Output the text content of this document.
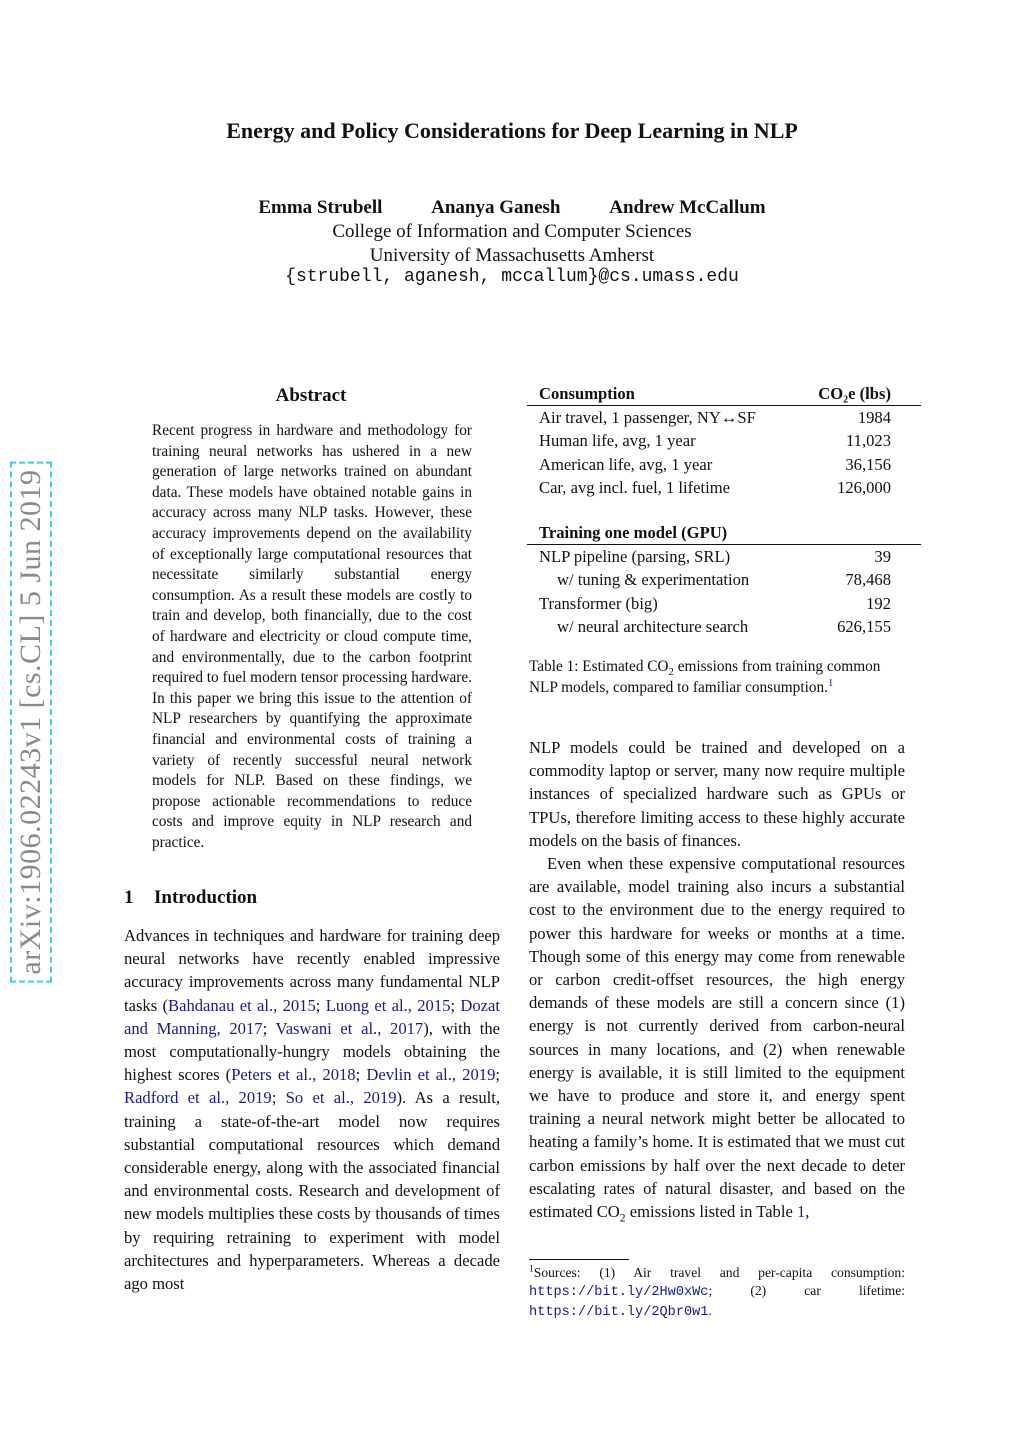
Energy and Policy Considerations for Deep Learning in NLP
Emma Strubell	Ananya Ganesh	Andrew McCallum
College of Information and Computer Sciences
University of Massachusetts Amherst
{strubell, aganesh, mccallum}@cs.umass.edu
arXiv:1906.02243v1 [cs.CL] 5 Jun 2019
Abstract
Recent progress in hardware and methodology for training neural networks has ushered in a new generation of large networks trained on abundant data. These models have obtained notable gains in accuracy across many NLP tasks. However, these accuracy improvements depend on the availability of exceptionally large computational resources that necessitate similarly substantial energy consumption. As a result these models are costly to train and develop, both financially, due to the cost of hardware and electricity or cloud compute time, and environmentally, due to the carbon footprint required to fuel modern tensor processing hardware. In this paper we bring this issue to the attention of NLP researchers by quantifying the approximate financial and environmental costs of training a variety of recently successful neural network models for NLP. Based on these findings, we propose actionable recommendations to reduce costs and improve equity in NLP research and practice.
1 Introduction
Advances in techniques and hardware for training deep neural networks have recently enabled impressive accuracy improvements across many fundamental NLP tasks (Bahdanau et al., 2015; Luong et al., 2015; Dozat and Manning, 2017; Vaswani et al., 2017), with the most computationally-hungry models obtaining the highest scores (Peters et al., 2018; Devlin et al., 2019; Radford et al., 2019; So et al., 2019). As a result, training a state-of-the-art model now requires substantial computational resources which demand considerable energy, along with the associated financial and environmental costs. Research and development of new models multiplies these costs by thousands of times by requiring retraining to experiment with model architectures and hyperparameters. Whereas a decade ago most
Consumption	CO₂e (lbs)
Air travel, 1 passenger, NY↔SF	1984
Human life, avg, 1 year	11,023
American life, avg, 1 year	36,156
Car, avg incl. fuel, 1 lifetime	126,000

Training one model (GPU)	
NLP pipeline (parsing, SRL)	39
w/ tuning & experimentation	78,468
Transformer (big)	192
w/ neural architecture search	626,155
Table 1: Estimated $CO_2$ emissions from training common NLP models, compared to familiar consumption.$^1$

NLP models could be trained and developed on a commodity laptop or server, many now require multiple instances of specialized hardware such as GPUs or TPUs, therefore limiting access to these highly accurate models on the basis of finances.

Even when these expensive computational resources are available, model training also incurs a substantial cost to the environment due to the energy required to power this hardware for weeks or months at a time. Though some of this energy may come from renewable or carbon credit-offset resources, the high energy demands of these models are still a concern since (1) energy is not currently derived from carbon-neural sources in many locations, and (2) when renewable energy is available, it is still limited to the equipment we have to produce and store it, and energy spent training a neural network might better be allocated to heating a family’s home. It is estimated that we must cut carbon emissions by half over the next decade to deter escalating rates of natural disaster, and based on the estimated $CO_2$ emissions listed in Table 1,

$^1$Sources: (1) Air travel and per-capita consumption: https://bit.ly/2Hw0xWc; (2) car lifetime: https://bit.ly/2Qbr0w1.
